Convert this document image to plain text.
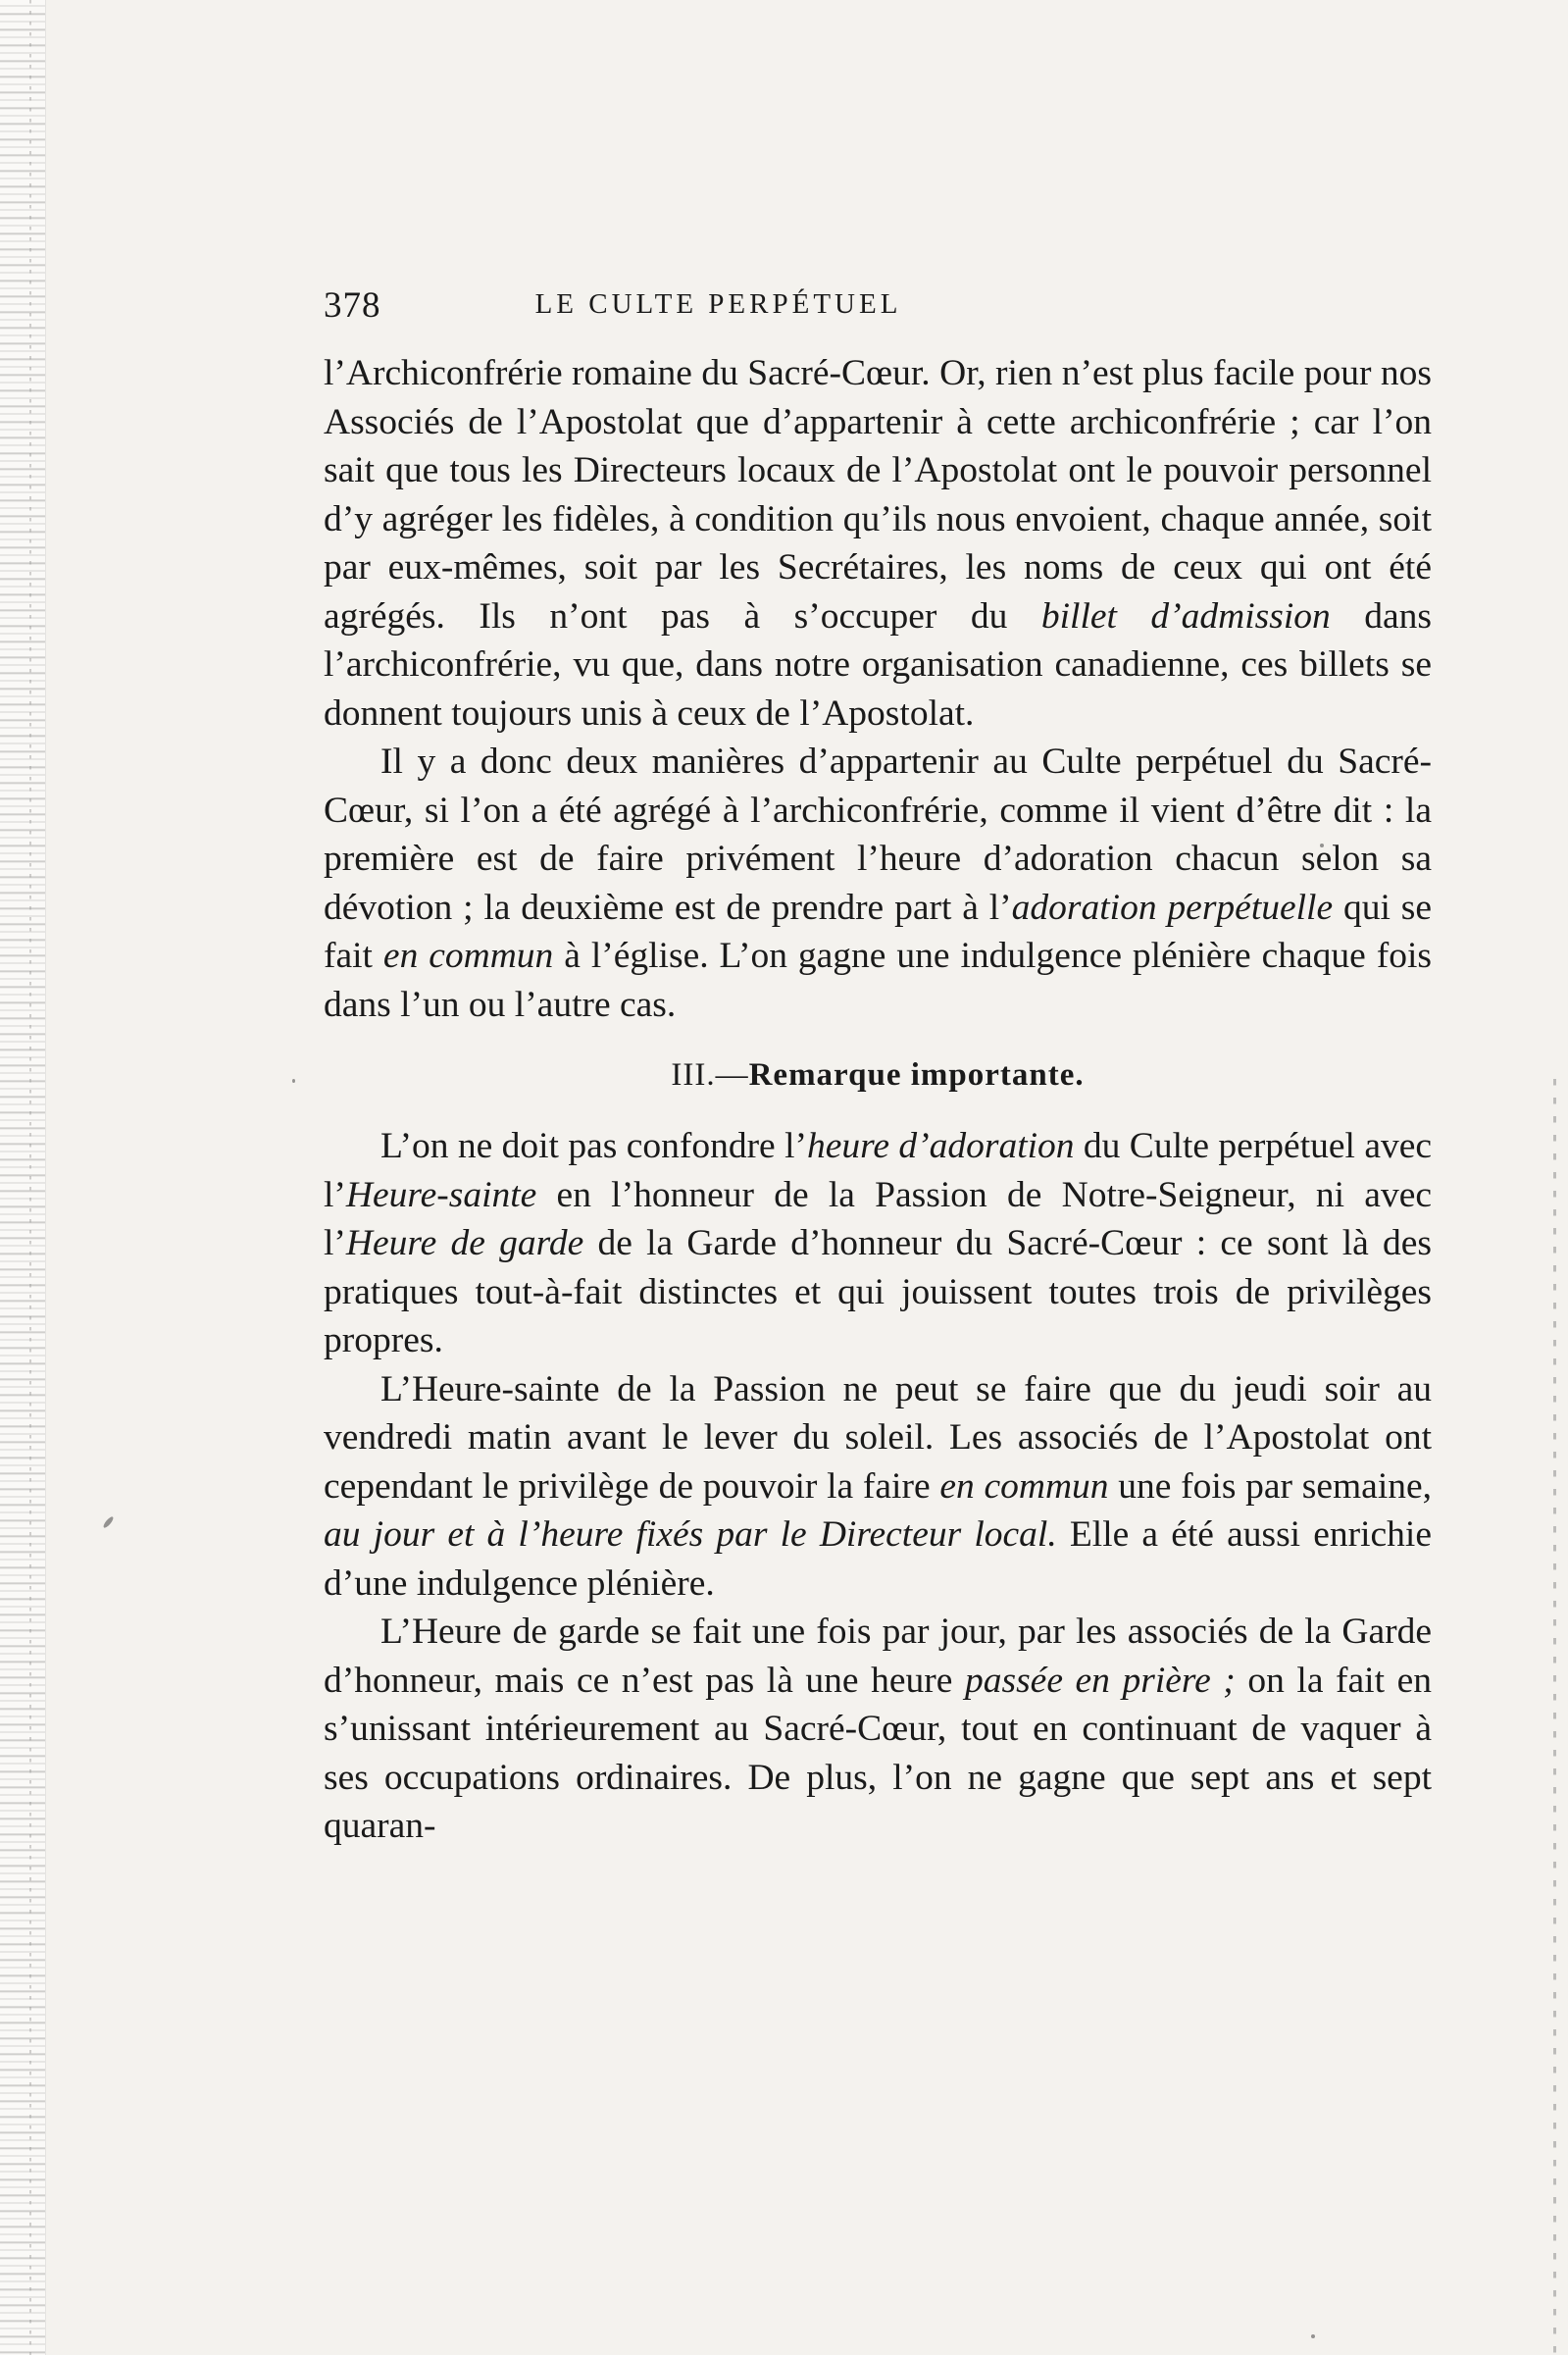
378	LE CULTE PERPÉTUEL

l’Archiconfrérie romaine du Sacré-Cœur. Or, rien n’est plus facile pour nos Associés de l’Apostolat que d’appartenir à cette archiconfrérie ; car l’on sait que tous les Directeurs locaux de l’Apostolat ont le pouvoir personnel d’y agréger les fidèles, à condition qu’ils nous envoient, chaque année, soit par eux-mêmes, soit par les Secrétaires, les noms de ceux qui ont été agrégés. Ils n’ont pas à s’occuper du billet d’admission dans l’archiconfrérie, vu que, dans notre organisation canadienne, ces billets se donnent toujours unis à ceux de l’Apostolat.

Il y a donc deux manières d’appartenir au Culte perpétuel du Sacré-Cœur, si l’on a été agrégé à l’archiconfrérie, comme il vient d’être dit : la première est de faire privément l’heure d’adoration chacun selon sa dévotion ; la deuxième est de prendre part à l’adoration perpétuelle qui se fait en commun à l’église. L’on gagne une indulgence plénière chaque fois dans l’un ou l’autre cas.

III.—Remarque importante.

L’on ne doit pas confondre l’heure d’adoration du Culte perpétuel avec l’Heure-sainte en l’honneur de la Passion de Notre-Seigneur, ni avec l’Heure de garde de la Garde d’honneur du Sacré-Cœur : ce sont là des pratiques tout-à-fait distinctes et qui jouissent toutes trois de privilèges propres.

L’Heure-sainte de la Passion ne peut se faire que du jeudi soir au vendredi matin avant le lever du soleil. Les associés de l’Apostolat ont cependant le privilège de pouvoir la faire en commun une fois par semaine, au jour et à l’heure fixés par le Directeur local. Elle a été aussi enrichie d’une indulgence plénière.

L’Heure de garde se fait une fois par jour, par les associés de la Garde d’honneur, mais ce n’est pas là une heure passée en prière ; on la fait en s’unissant intérieurement au Sacré-Cœur, tout en continuant de vaquer à ses occupations ordinaires. De plus, l’on ne gagne que sept ans et sept quaran-
